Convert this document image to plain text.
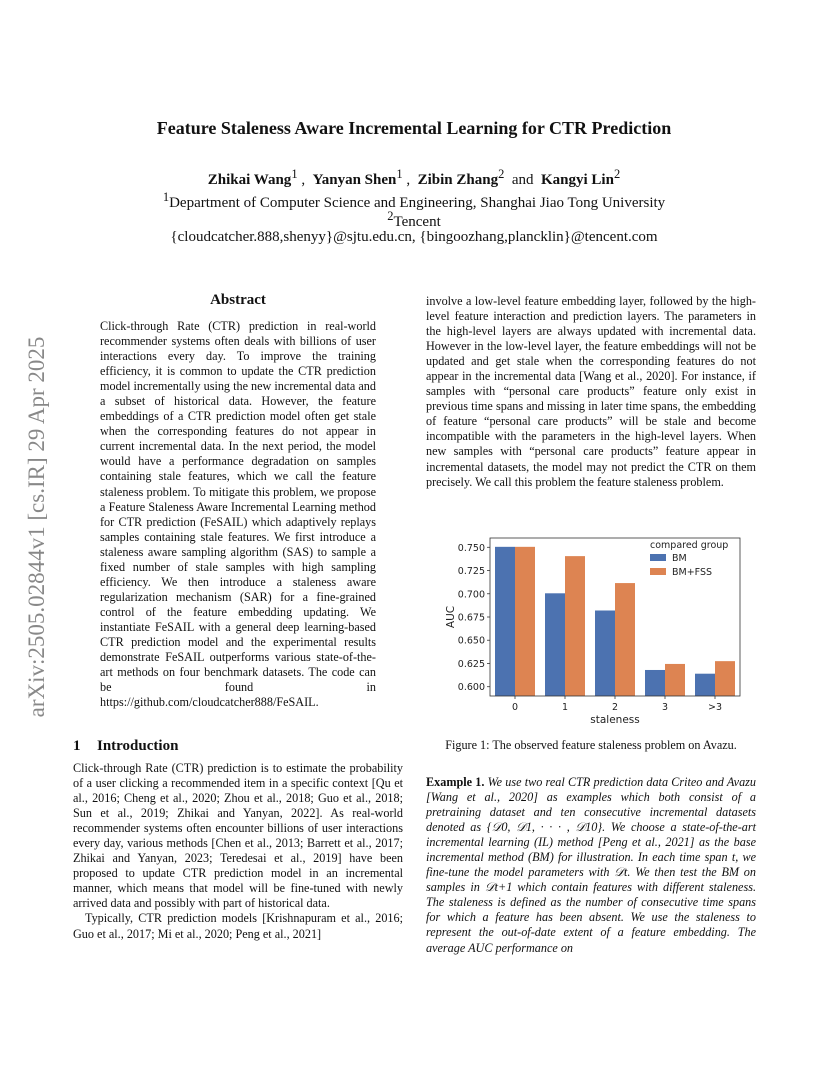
arXiv:2505.02844v1 [cs.IR] 29 Apr 2025
Feature Staleness Aware Incremental Learning for CTR Prediction
Zhikai Wang$^1$ , Yanyan Shen$^1$ , Zibin Zhang$^2$ and Kangyi Lin$^2$
$^1$Department of Computer Science and Engineering, Shanghai Jiao Tong University
$^2$Tencent
{cloudcatcher.888,shenyy}@sjtu.edu.cn, {bingoozhang,planckl​in}@tencent.com
Abstract

Click-through Rate (CTR) prediction in real-world recommender systems often deals with billions of user interactions every day. To improve the training efficiency, it is common to update the CTR prediction model incrementally using the new incremental data and a subset of historical data. However, the feature embeddings of a CTR prediction model often get stale when the corresponding features do not appear in current incremental data. In the next period, the model would have a performance degradation on samples containing stale features, which we call the feature staleness problem. To mitigate this problem, we propose a Feature Staleness Aware Incremental Learning method for CTR prediction (FeSAIL) which adaptively replays samples containing stale features. We first introduce a staleness aware sampling algorithm (SAS) to sample a fixed number of stale samples with high sampling efficiency. We then introduce a staleness aware regularization mechanism (SAR) for a fine-grained control of the feature embedding updating. We instantiate FeSAIL with a general deep learning-based CTR prediction model and the experimental results demonstrate FeSAIL outperforms various state-of-the-art methods on four benchmark datasets. The code can be found in https://github.com/cloudcatcher888/FeSAIL.

1 Introduction

Click-through Rate (CTR) prediction is to estimate the probability of a user clicking a recommended item in a specific context [Qu et al., 2016; Cheng et al., 2020; Zhou et al., 2018; Guo et al., 2018; Sun et al., 2019; Zhikai and Yanyan, 2022]. As real-world recommender systems often encounter billions of user interactions every day, various methods [Chen et al., 2013; Barrett et al., 2017; Zhikai and Yanyan, 2023; Teredesai et al., 2019] have been proposed to update CTR prediction model in an incremental manner, which means that model will be fine-tuned with newly arrived data and possibly with part of historical data.

Typically, CTR prediction models [Krishnapuram et al., 2016; Guo et al., 2017; Mi et al., 2020; Peng et al., 2021]

involve a low-level feature embedding layer, followed by the high-level feature interaction and prediction layers. The parameters in the high-level layers are always updated with incremental data. However in the low-level layer, the feature embeddings will not be updated and get stale when the corresponding features do not appear in the incremental data [Wang et al., 2020]. For instance, if samples with “personal care products” feature only exist in previous time spans and missing in later time spans, the embedding of feature “personal care products” will be stale and become incompatible with the parameters in the high-level layers. When new samples with “personal care products” feature appear in incremental datasets, the model may not predict the CTR on them precisely. We call this problem the feature staleness problem.

0	1	2	3	>3
0.600
0.625
0.650
0.675
0.700
0.725
0.750
staleness
AUC
compared group
BM
BM+FSS
Figure 1: The observed feature staleness problem on Avazu.

Example 1. We use two real CTR prediction data Criteo and Avazu [Wang et al., 2020] as examples which both consist of a pretraining dataset and ten consecutive incremental datasets denoted as {𝒟0, 𝒟1, · · · , 𝒟10}. We choose a state-of-the-art incremental learning (IL) method [Peng et al., 2021] as the base incremental method (BM) for illustration. In each time span t, we fine-tune the model parameters with 𝒟t. We then test the BM on samples in 𝒟t+1 which contain features with different staleness. The staleness is defined as the number of consecutive time spans for which a feature has been absent. We use the staleness to represent the out-of-date extent of a feature embedding. The average AUC performance on
